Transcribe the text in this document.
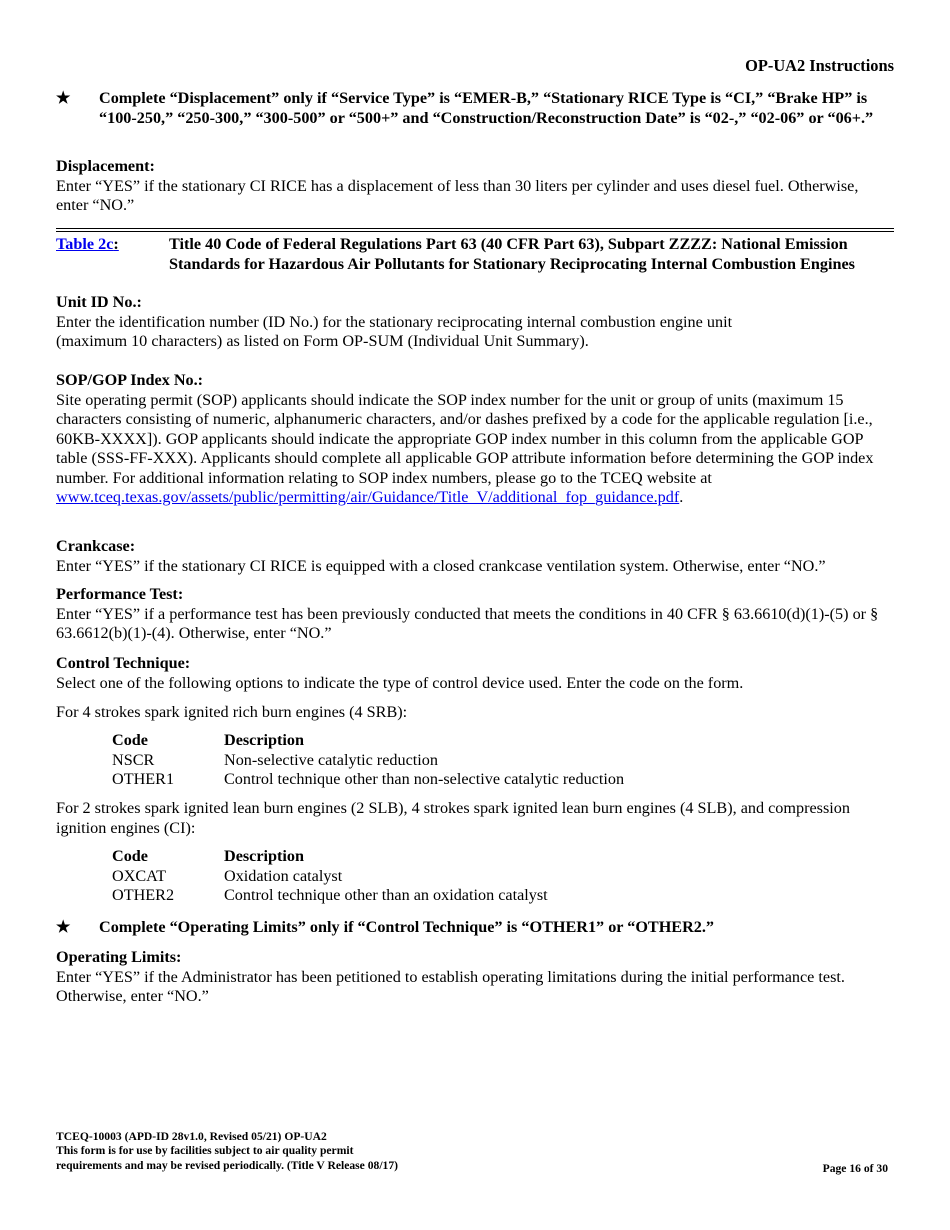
OP-UA2 Instructions
★ Complete “Displacement” only if “Service Type” is “EMER-B,” “Stationary RICE Type is “CI,” “Brake HP” is “100-250,” “250-300,” “300-500” or “500+” and “Construction/Reconstruction Date” is “02-,” “02-06” or “06+.”
Displacement:
Enter “YES” if the stationary CI RICE has a displacement of less than 30 liters per cylinder and uses diesel fuel. Otherwise, enter “NO.”
Table 2c:	Title 40 Code of Federal Regulations Part 63 (40 CFR Part 63), Subpart ZZZZ: National Emission Standards for Hazardous Air Pollutants for Stationary Reciprocating Internal Combustion Engines
Unit ID No.:
Enter the identification number (ID No.) for the stationary reciprocating internal combustion engine unit
(maximum 10 characters) as listed on Form OP-SUM (Individual Unit Summary).
SOP/GOP Index No.:
Site operating permit (SOP) applicants should indicate the SOP index number for the unit or group of units (maximum 15 characters consisting of numeric, alphanumeric characters, and/or dashes prefixed by a code for the applicable regulation [i.e., 60KB-XXXX]). GOP applicants should indicate the appropriate GOP index number in this column from the applicable GOP table (SSS-FF-XXX). Applicants should complete all applicable GOP attribute information before determining the GOP index number. For additional information relating to SOP index numbers, please go to the TCEQ website at
www.tceq.texas.gov/assets/public/permitting/air/Guidance/Title_V/additional_fop_guidance.pdf.
Crankcase:
Enter “YES” if the stationary CI RICE is equipped with a closed crankcase ventilation system. Otherwise, enter “NO.”
Performance Test:
Enter “YES” if a performance test has been previously conducted that meets the conditions in 40 CFR § 63.6610(d)(1)-(5) or § 63.6612(b)(1)-(4). Otherwise, enter “NO.”
Control Technique:
Select one of the following options to indicate the type of control device used. Enter the code on the form.
For 4 strokes spark ignited rich burn engines (4 SRB):
Code	Description
NSCR	Non-selective catalytic reduction
OTHER1	Control technique other than non-selective catalytic reduction
For 2 strokes spark ignited lean burn engines (2 SLB), 4 strokes spark ignited lean burn engines (4 SLB), and compression ignition engines (CI):
Code	Description
OXCAT	Oxidation catalyst
OTHER2	Control technique other than an oxidation catalyst
★ Complete “Operating Limits” only if “Control Technique” is “OTHER1” or “OTHER2.”
Operating Limits:
Enter “YES” if the Administrator has been petitioned to establish operating limitations during the initial performance test. Otherwise, enter “NO.”
TCEQ-10003 (APD-ID 28v1.0, Revised 05/21) OP-UA2
This form is for use by facilities subject to air quality permit
requirements and may be revised periodically. (Title V Release 08/17)	Page 16 of 30
